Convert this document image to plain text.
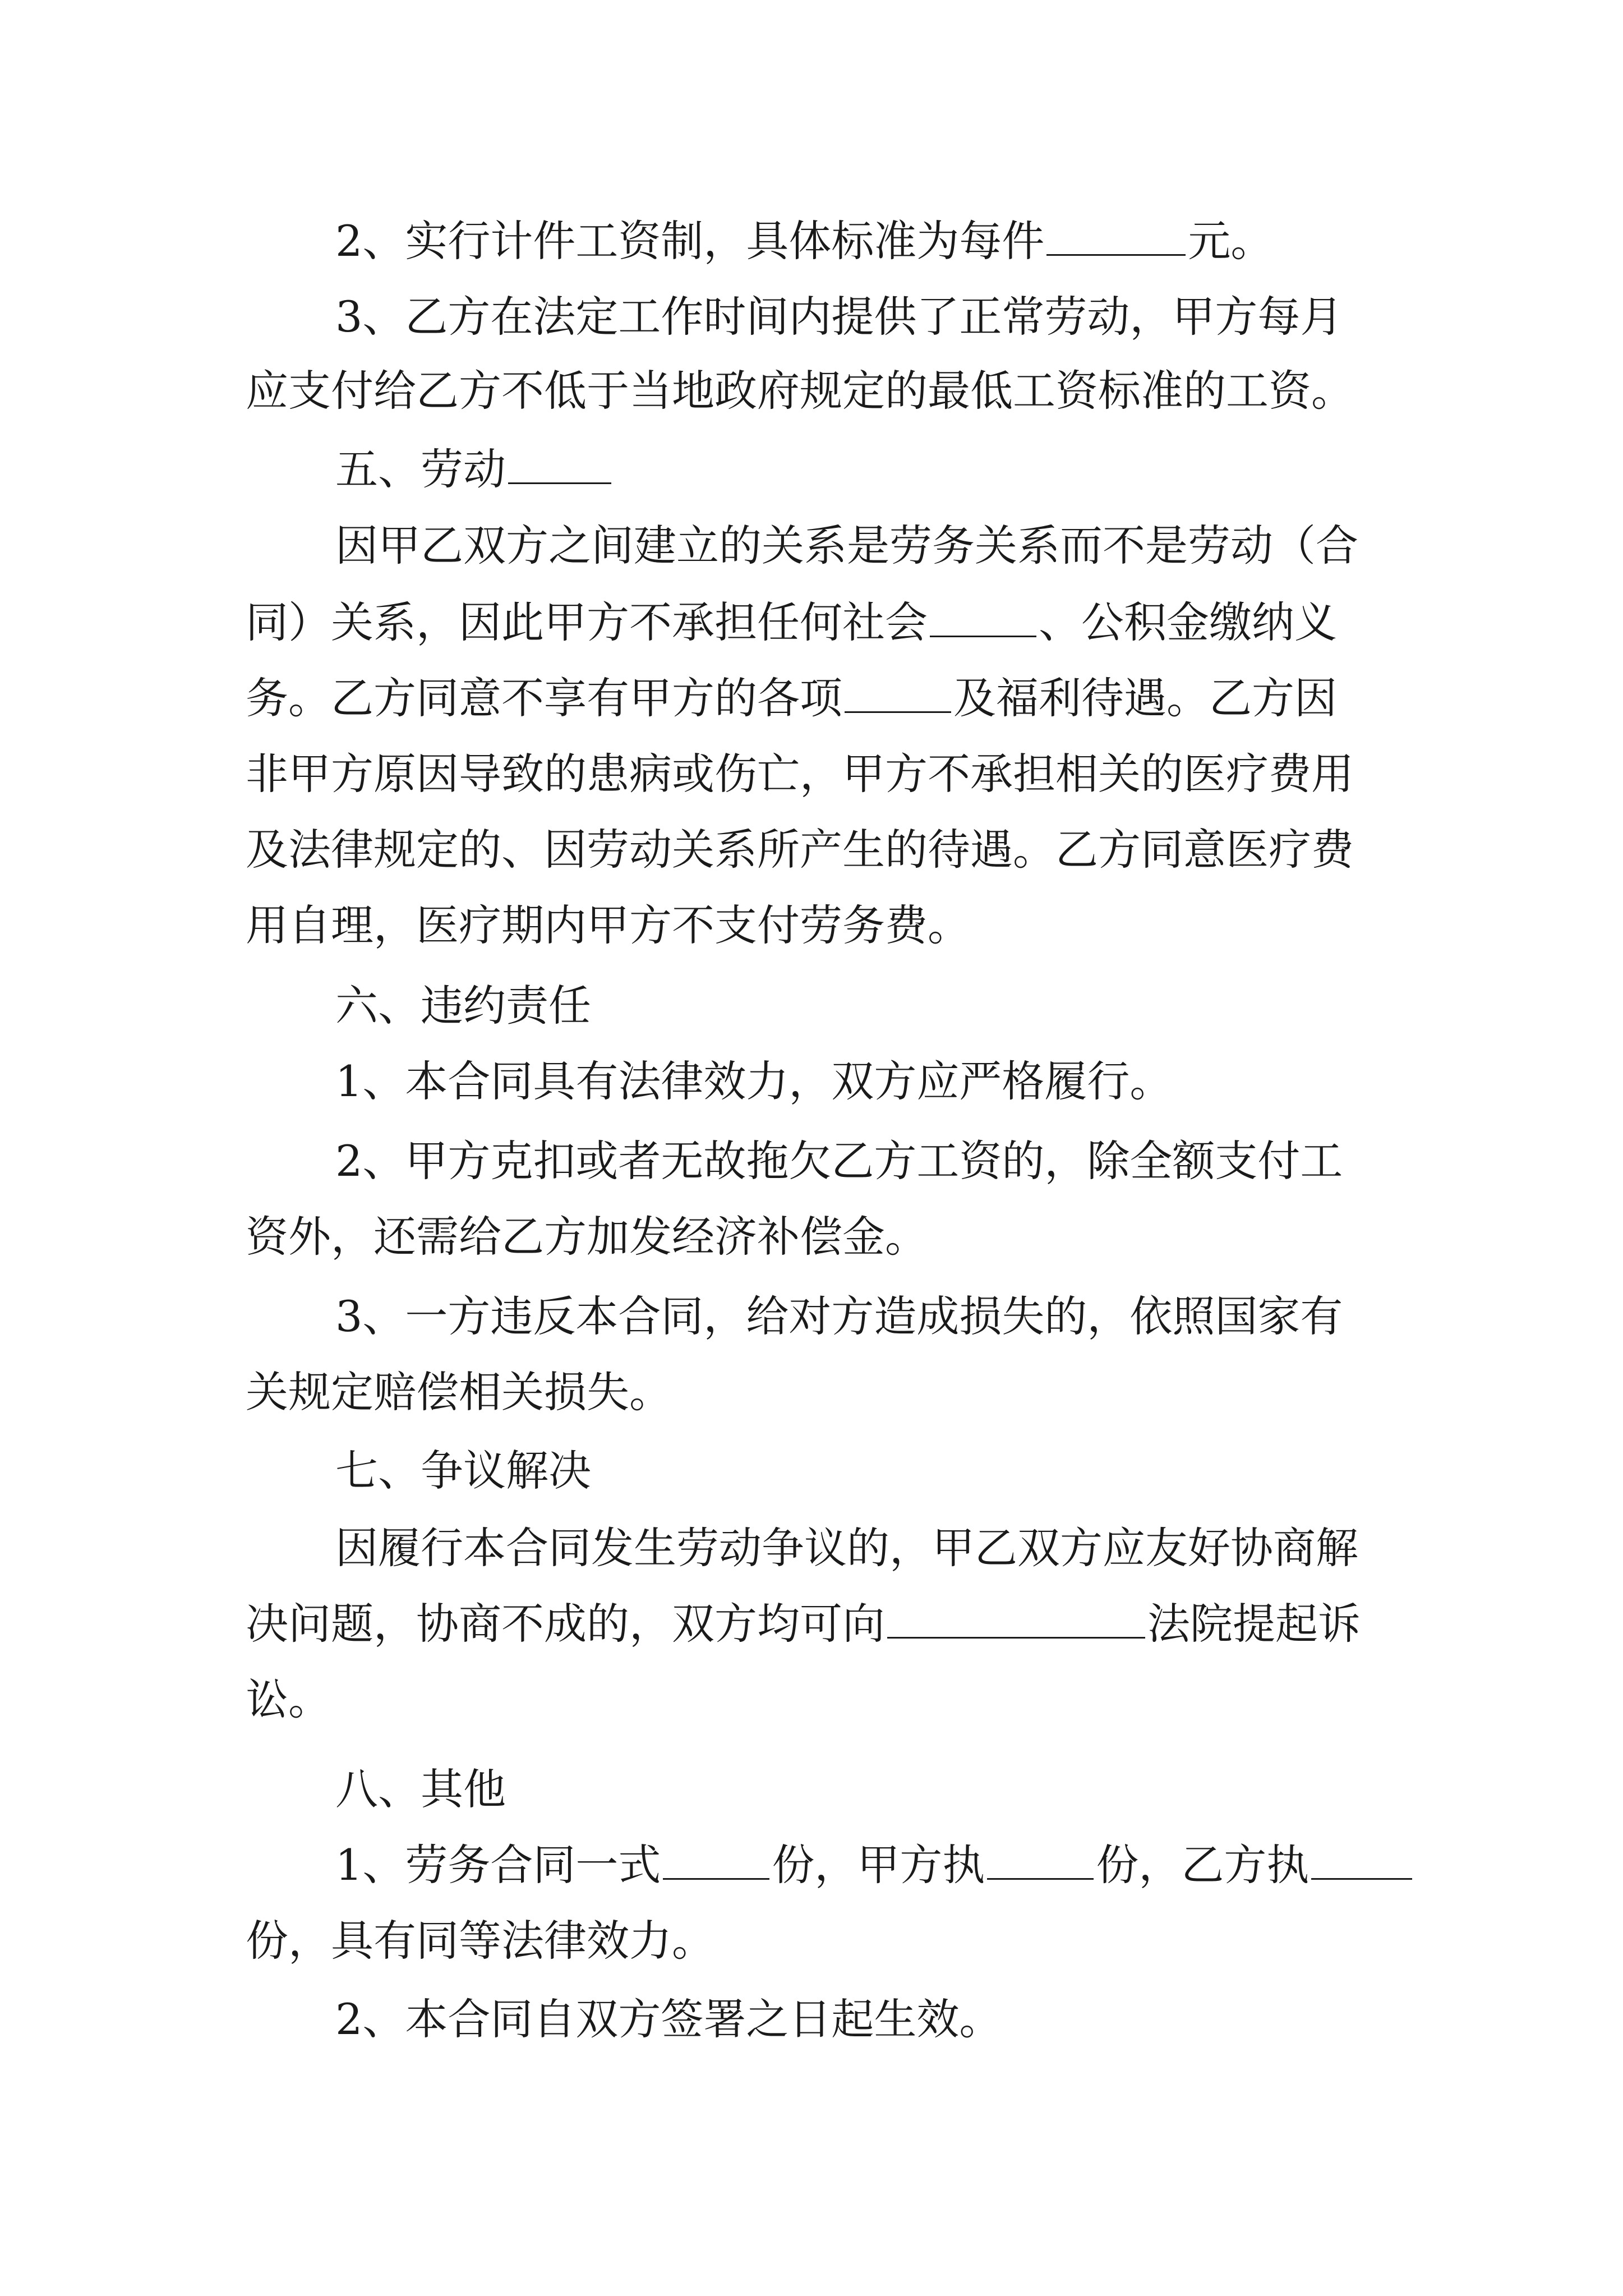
2、实行计件工资制，具体标准为每件	元。
3、乙方在法定工作时间内提供了正常劳动，甲方每月
应支付给乙方不低于当地政府规定的最低工资标准的工资。
五、劳动
因甲乙双方之间建立的关系是劳务关系而不是劳动（合
同）关系，因此甲方不承担任何社会	、公积金缴纳义
务。乙方同意不享有甲方的各项	及福利待遇。乙方因
非甲方原因导致的患病或伤亡，甲方不承担相关的医疗费用
及法律规定的、因劳动关系所产生的待遇。乙方同意医疗费
用自理，医疗期内甲方不支付劳务费。
六、违约责任
1、本合同具有法律效力，双方应严格履行。
2、甲方克扣或者无故拖欠乙方工资的，除全额支付工
资外，还需给乙方加发经济补偿金。
3、一方违反本合同，给对方造成损失的，依照国家有
关规定赔偿相关损失。
七、争议解决
因履行本合同发生劳动争议的，甲乙双方应友好协商解
决问题，协商不成的，双方均可向	法院提起诉
讼。
八、其他
1、劳务合同一式	份，甲方执	份，乙方执
份，具有同等法律效力。
2、本合同自双方签署之日起生效。
